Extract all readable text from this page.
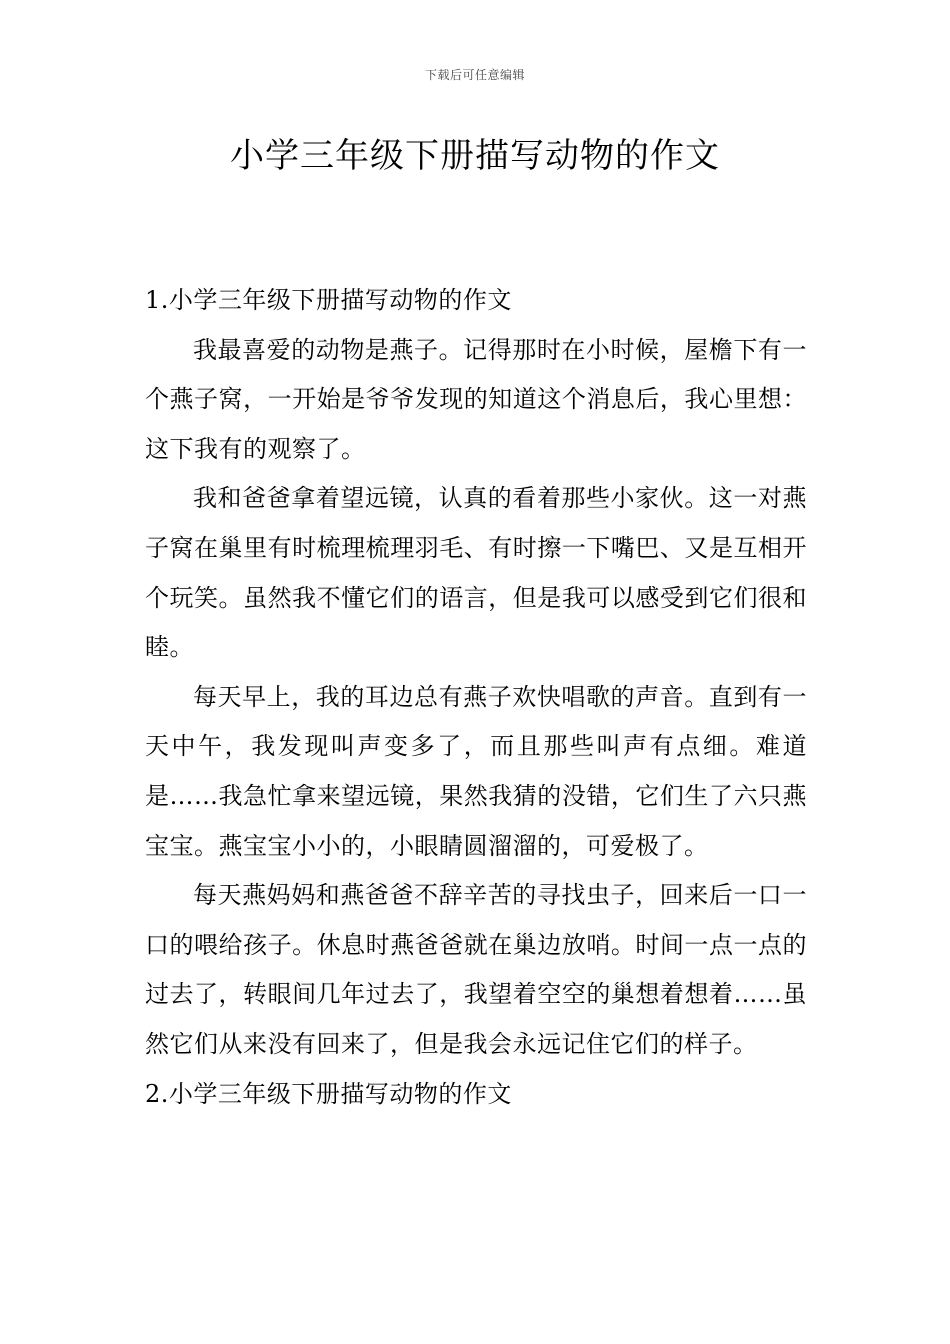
下载后可任意编辑
小学三年级下册描写动物的作文

1.小学三年级下册描写动物的作文

我最喜爱的动物是燕子。记得那时在小时候，屋檐下有一个燕子窝，一开始是爷爷发现的知道这个消息后，我心里想：这下我有的观察了。

我和爸爸拿着望远镜，认真的看着那些小家伙。这一对燕子窝在巢里有时梳理梳理羽毛、有时擦一下嘴巴、又是互相开个玩笑。虽然我不懂它们的语言，但是我可以感受到它们很和睦。

每天早上，我的耳边总有燕子欢快唱歌的声音。直到有一天中午，我发现叫声变多了，而且那些叫声有点细。难道是……我急忙拿来望远镜，果然我猜的没错，它们生了六只燕宝宝。燕宝宝小小的，小眼睛圆溜溜的，可爱极了。

每天燕妈妈和燕爸爸不辞辛苦的寻找虫子，回来后一口一口的喂给孩子。休息时燕爸爸就在巢边放哨。时间一点一点的过去了，转眼间几年过去了，我望着空空的巢想着想着……虽然它们从来没有回来了，但是我会永远记住它们的样子。

2.小学三年级下册描写动物的作文
